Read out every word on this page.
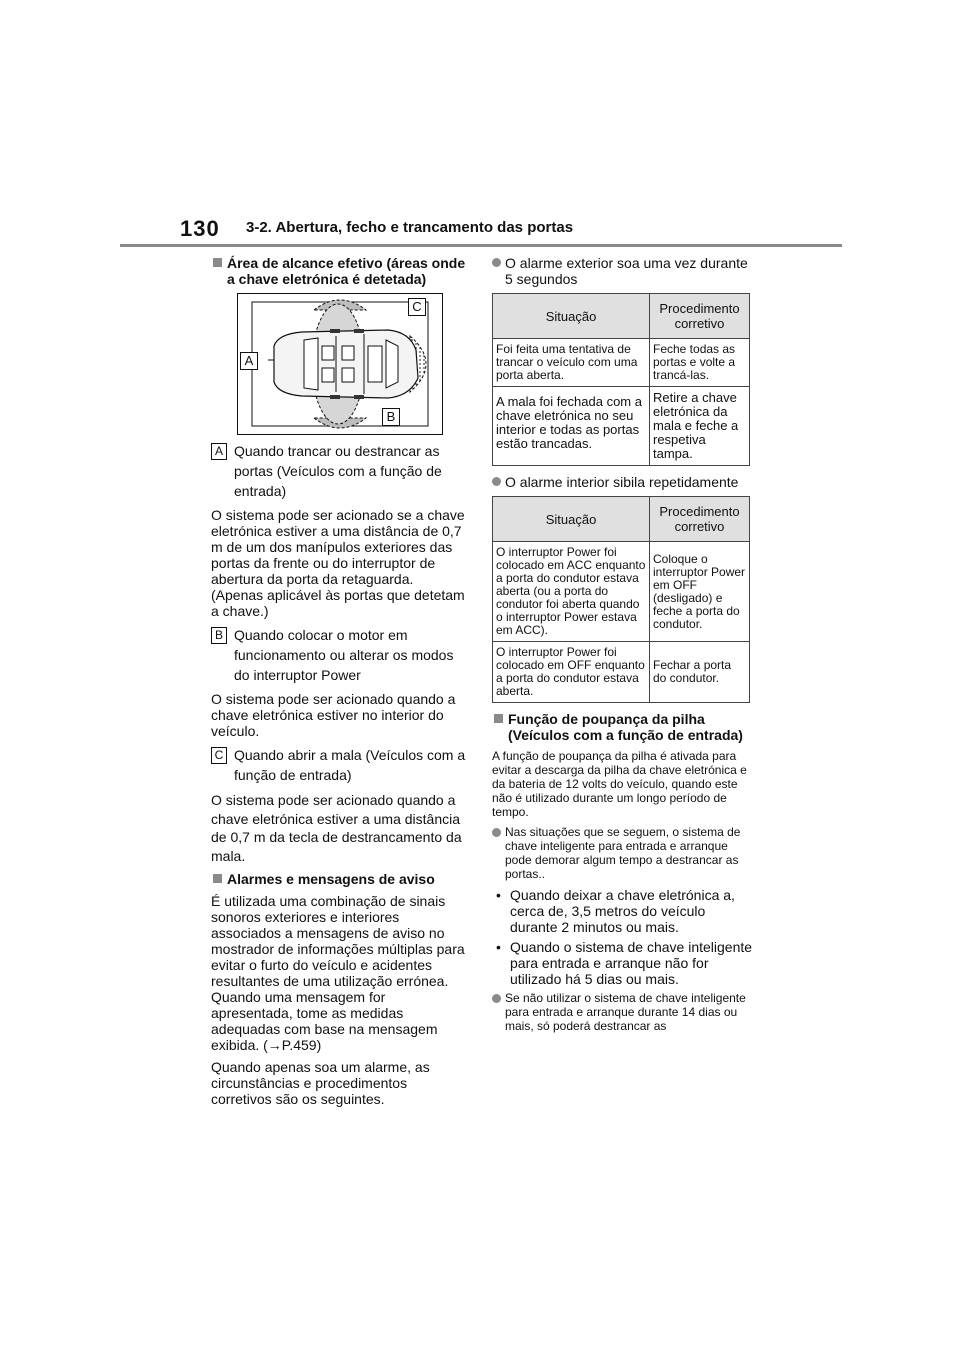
130 3-2. Abertura, fecho e trancamento das portas
Área de alcance efetivo (áreas onde a chave eletrónica é detetada)
A
C
B
A Quando trancar ou destrancar as portas (Veículos com a função de entrada)

O sistema pode ser acionado se a chave eletrónica estiver a uma distância de 0,7 m de um dos manípulos exteriores das portas da frente ou do interruptor de abertura da porta da retaguarda. (Apenas aplicável às portas que detetam a chave.)

B Quando colocar o motor em funcionamento ou alterar os modos do interruptor Power

O sistema pode ser acionado quando a chave eletrónica estiver no interior do veículo.

C Quando abrir a mala (Veículos com a função de entrada)

O sistema pode ser acionado quando a chave eletrónica estiver a uma distância de 0,7 m da tecla de destrancamento da mala.

Alarmes e mensagens de aviso

É utilizada uma combinação de sinais sonoros exteriores e interiores associados a mensagens de aviso no mostrador de informações múltiplas para evitar o furto do veículo e acidentes resultantes de uma utilização errónea. Quando uma mensagem for apresentada, tome as medidas adequadas com base na mensagem exibida. (→P.459)

Quando apenas soa um alarme, as circunstâncias e procedimentos corretivos são os seguintes.

O alarme exterior soa uma vez durante 5 segundos
Situação	Procedimento corretivo
Foi feita uma tentativa de trancar o veículo com uma porta aberta.	Feche todas as portas e volte a trancá-las.
A mala foi fechada com a chave eletrónica no seu interior e todas as portas estão trancadas.	Retire a chave eletrónica da mala e feche a respetiva tampa.
O alarme interior sibila repetidamente
Situação	Procedimento corretivo
O interruptor Power foi colocado em ACC enquanto a porta do condutor estava aberta (ou a porta do condutor foi aberta quando o interruptor Power estava em ACC).	Coloque o interruptor Power em OFF (desligado) e feche a porta do condutor.
O interruptor Power foi colocado em OFF enquanto a porta do condutor estava aberta.	Fechar a porta do condutor.
Função de poupança da pilha (Veículos com a função de entrada)

A função de poupança da pilha é ativada para evitar a descarga da pilha da chave eletrónica e da bateria de 12 volts do veículo, quando este não é utilizado durante um longo período de tempo.

Nas situações que se seguem, o sistema de chave inteligente para entrada e arranque pode demorar algum tempo a destrancar as portas..
• Quando deixar a chave eletrónica a, cerca de, 3,5 metros do veículo durante 2 minutos ou mais.
• Quando o sistema de chave inteligente para entrada e arranque não for utilizado há 5 dias ou mais.
Se não utilizar o sistema de chave inteligente para entrada e arranque durante 14 dias ou mais, só poderá destrancar as
